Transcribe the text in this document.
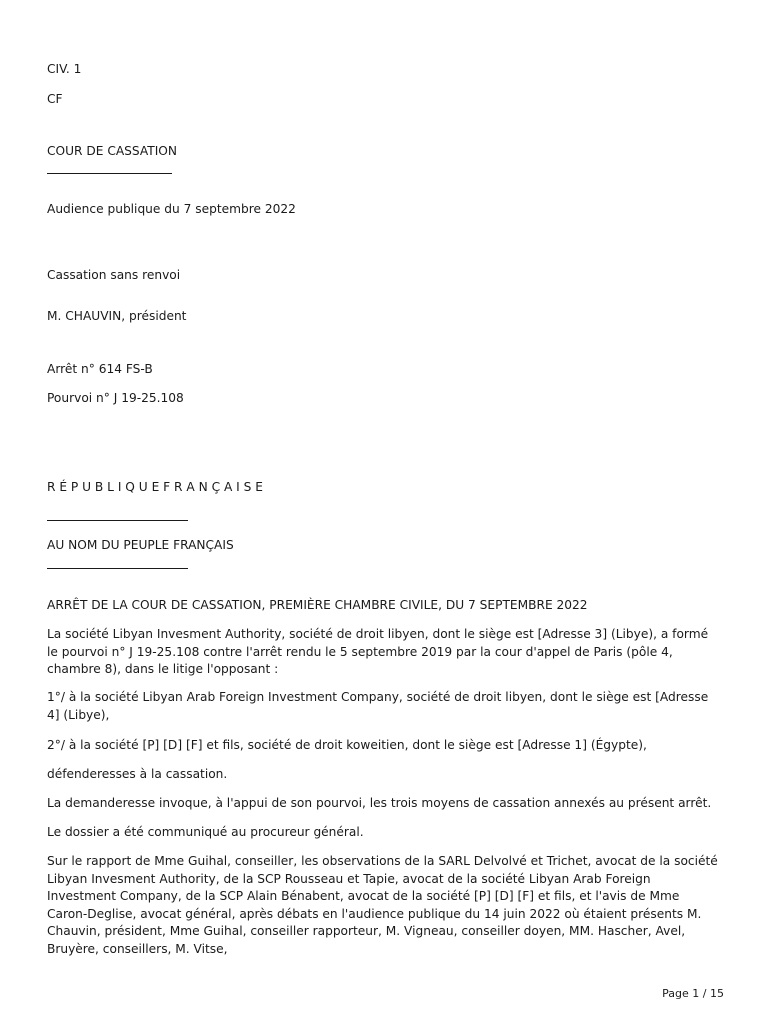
CIV. 1
CF
COUR DE CASSATION
Audience publique du 7 septembre 2022
Cassation sans renvoi
M. CHAUVIN, président
Arrêt n° 614 FS-B
Pourvoi n° J 19-25.108
R É P U B L I Q U E F R A N Ç A I S E
AU NOM DU PEUPLE FRANÇAIS
ARRÊT DE LA COUR DE CASSATION, PREMIÈRE CHAMBRE CIVILE, DU 7 SEPTEMBRE 2022
La société Libyan Invesment Authority, société de droit libyen, dont le siège est [Adresse 3] (Libye), a formé le pourvoi n° J 19-25.108 contre l'arrêt rendu le 5 septembre 2019 par la cour d'appel de Paris (pôle 4, chambre 8), dans le litige l'opposant :
1°/ à la société Libyan Arab Foreign Investment Company, société de droit libyen, dont le siège est [Adresse 4] (Libye),
2°/ à la société [P] [D] [F] et fils, société de droit koweitien, dont le siège est [Adresse 1] (Égypte),
défenderesses à la cassation.
La demanderesse invoque, à l'appui de son pourvoi, les trois moyens de cassation annexés au présent arrêt.
Le dossier a été communiqué au procureur général.
Sur le rapport de Mme Guihal, conseiller, les observations de la SARL Delvolvé et Trichet, avocat de la société Libyan Invesment Authority, de la SCP Rousseau et Tapie, avocat de la société Libyan Arab Foreign Investment Company, de la SCP Alain Bénabent, avocat de la société [P] [D] [F] et fils, et l'avis de Mme Caron-Deglise, avocat général, après débats en l'audience publique du 14 juin 2022 où étaient présents M. Chauvin, président, Mme Guihal, conseiller rapporteur, M. Vigneau, conseiller doyen, MM. Hascher, Avel, Bruyère, conseillers, M. Vitse,
Page 1 / 15
